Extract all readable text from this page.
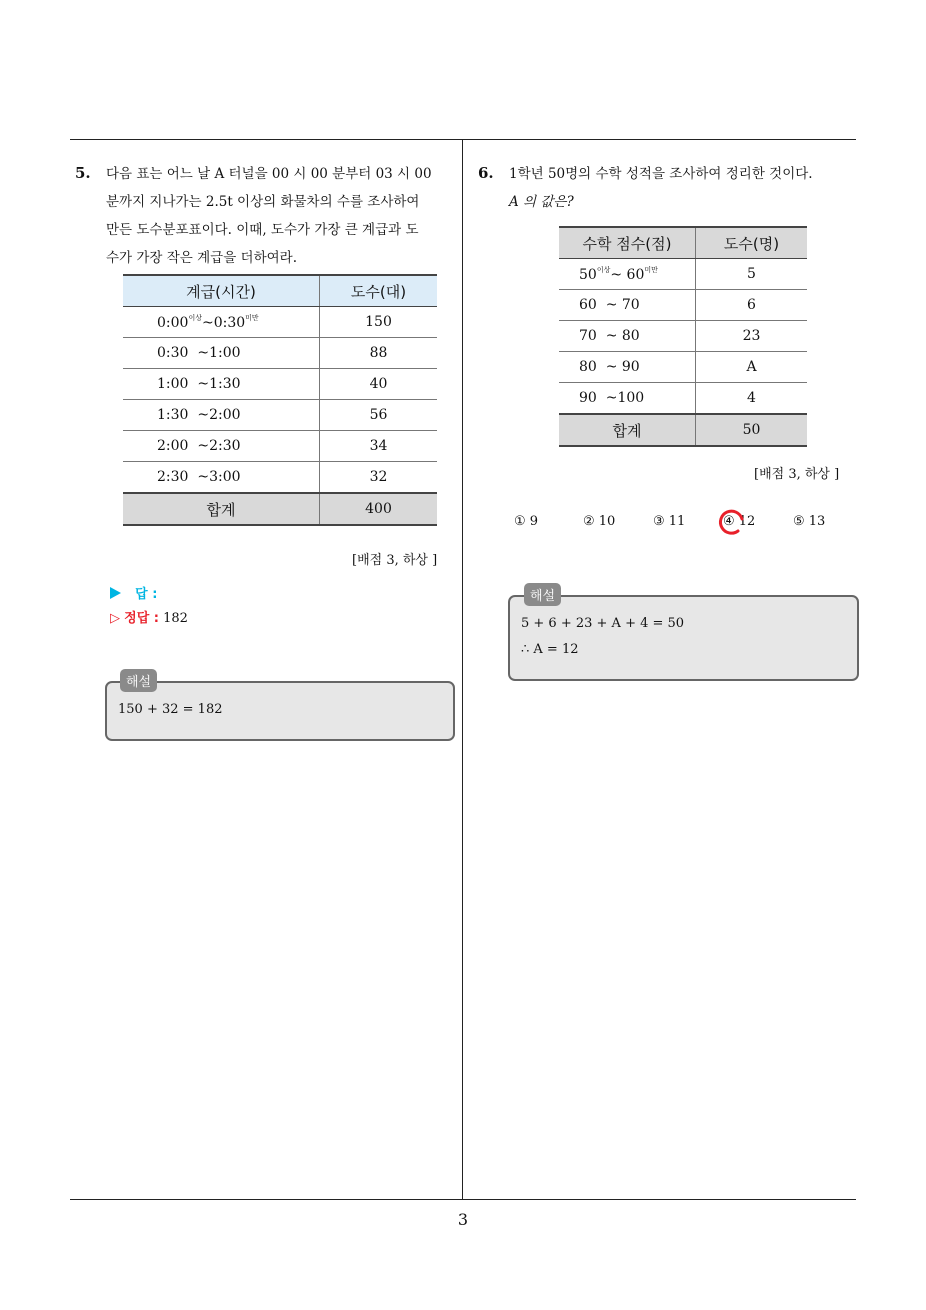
3
5. 다음 표는 어느 날 A 터널을 00 시 00 분부터 03 시 00
분까지 지나가는 2.5t 이상의 화물차의 수를 조사하여
만든 도수분포표이다. 이때, 도수가 가장 큰 계급과 도
수가 가장 작은 계급을 더하여라.
계급(시간)	도수(대)
$0:00^{이상}\sim 0:30^{미만}$	150
0:30  ~1:00	88
1:00  ~1:30	40
1:30  ~2:00	56
2:00  ~2:30	34
2:30  ~3:00	32
합계	400
[배점 3, 하상 ]
답 :
▷ 정답 : 182
해설
150 + 32 = 182
6. 1학년 50명의 수학 성적을 조사하여 정리한 것이다.
A 의 값은?
수학 점수(점)	도수(명)
$50^{이상}\sim$ $60^{미만}$	5
60  ~ 70	6
70  ~ 80	23
80  ~ 90	A
90  ~100	4
합계	50
[배점 3, 하상 ]
① 9	② 10	③ 11	④ 12	⑤ 13
해설
5 + 6 + 23 + A + 4 = 50
∴ A = 12
